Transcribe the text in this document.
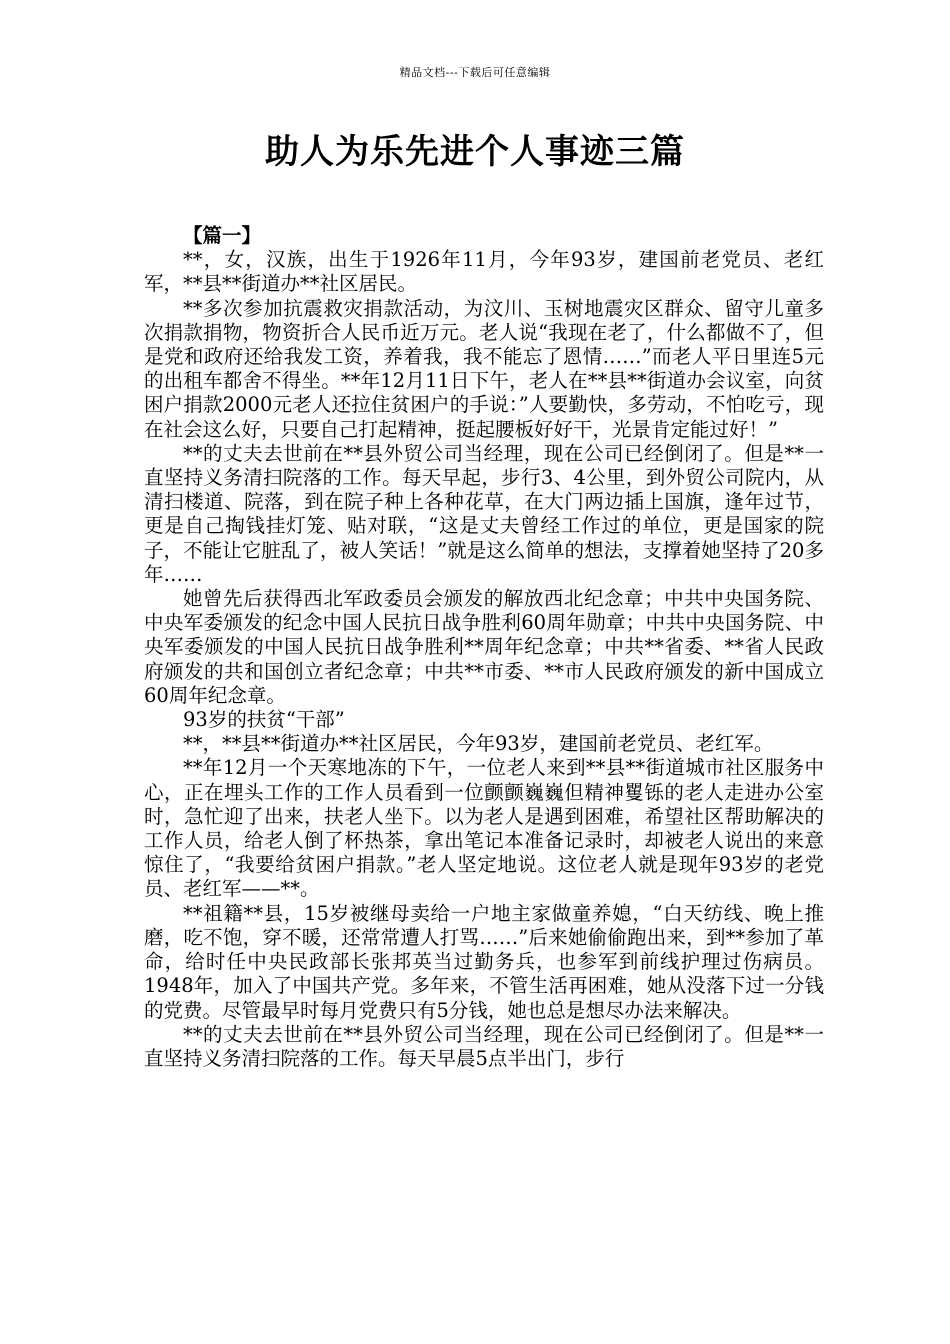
精品文档---下载后可任意编辑
助人为乐先进个人事迹三篇

【篇一】

**，女，汉族，出生于1926年11月，今年93岁，建国前老党员、老红军，**县**街道办**社区居民。

**多次参加抗震救灾捐款活动，为汶川、玉树地震灾区群众、留守儿童多次捐款捐物，物资折合人民币近万元。老人说“我现在老了，什么都做不了，但是党和政府还给我发工资，养着我，我不能忘了恩情……”而老人平日里连5元的出租车都舍不得坐。**年12月11日下午，老人在**县**街道办会议室，向贫困户捐款2000元老人还拉住贫困户的手说：”人要勤快，多劳动，不怕吃亏，现在社会这么好，只要自己打起精神，挺起腰板好好干，光景肯定能过好！”

**的丈夫去世前在**县外贸公司当经理，现在公司已经倒闭了。但是**一直坚持义务清扫院落的工作。每天早起，步行3、4公里，到外贸公司院内，从清扫楼道、院落，到在院子种上各种花草，在大门两边插上国旗，逢年过节，更是自己掏钱挂灯笼、贴对联，“这是丈夫曾经工作过的单位，更是国家的院子，不能让它脏乱了，被人笑话！”就是这么简单的想法，支撑着她坚持了20多年……

她曾先后获得西北军政委员会颁发的解放西北纪念章；中共中央国务院、中央军委颁发的纪念中国人民抗日战争胜利60周年勋章；中共中央国务院、中央军委颁发的中国人民抗日战争胜利**周年纪念章；中共**省委、**省人民政府颁发的共和国创立者纪念章；中共**市委、**市人民政府颁发的新中国成立60周年纪念章。

93岁的扶贫“干部”

**，**县**街道办**社区居民，今年93岁，建国前老党员、老红军。

**年12月一个天寒地冻的下午，一位老人来到**县**街道城市社区服务中心，正在埋头工作的工作人员看到一位颤颤巍巍但精神矍铄的老人走进办公室时，急忙迎了出来，扶老人坐下。以为老人是遇到困难，希望社区帮助解决的工作人员，给老人倒了杯热茶，拿出笔记本准备记录时，却被老人说出的来意惊住了，“我要给贫困户捐款。”老人坚定地说。这位老人就是现年93岁的老党员、老红军——**。

**祖籍**县，15岁被继母卖给一户地主家做童养媳，“白天纺线、晚上推磨，吃不饱，穿不暖，还常常遭人打骂……”后来她偷偷跑出来，到**参加了革命，给时任中央民政部长张邦英当过勤务兵，也参军到前线护理过伤病员。1948年，加入了中国共产党。多年来，不管生活再困难，她从没落下过一分钱的党费。尽管最早时每月党费只有5分钱，她也总是想尽办法来解决。

**的丈夫去世前在**县外贸公司当经理，现在公司已经倒闭了。但是**一直坚持义务清扫院落的工作。每天早晨5点半出门，步行
